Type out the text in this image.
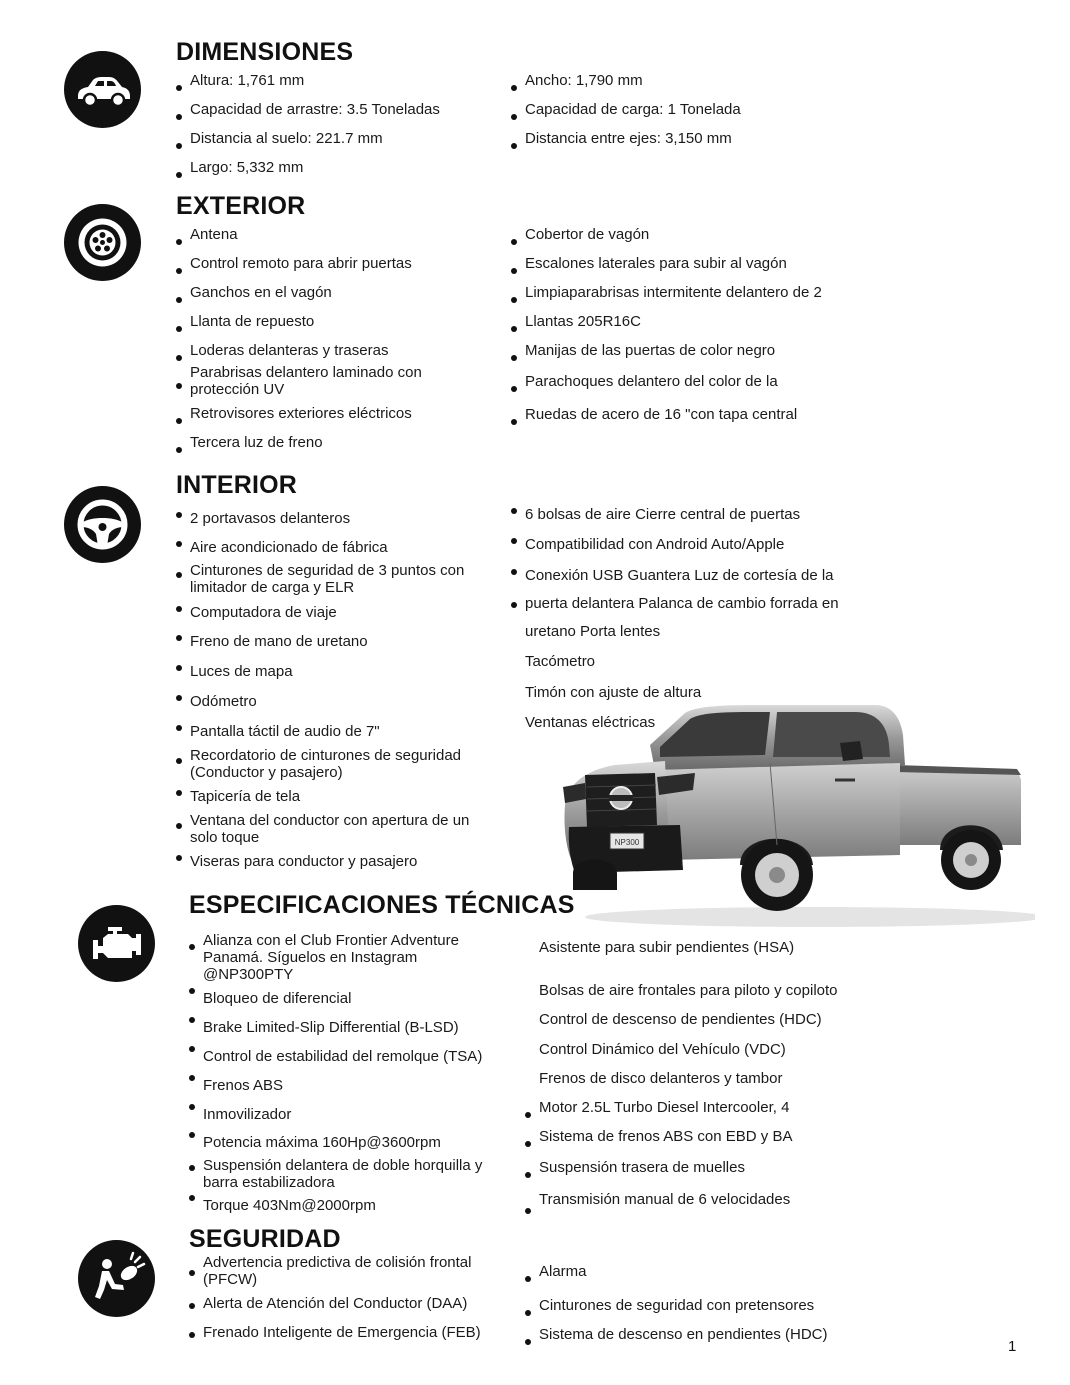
NP300
DIMENSIONES
EXTERIOR
INTERIOR
ESPECIFICACIONES TÉCNICAS
SEGURIDAD
Altura: 1,761 mm
Capacidad de arrastre: 3.5 Toneladas
Distancia al suelo: 221.7 mm
Largo: 5,332 mm
Ancho: 1,790 mm
Capacidad de carga: 1 Tonelada
Distancia entre ejes: 3,150 mm
Antena
Control remoto para abrir puertas
Ganchos en el vagón
Llanta de repuesto
Loderas delanteras y traseras
Parabrisas delantero laminado con
protección UV
Retrovisores exteriores eléctricos
Tercera luz de freno
Cobertor de vagón
Escalones laterales para subir al vagón
Limpiaparabrisas intermitente delantero de 2
Llantas 205R16C
Manijas de las puertas de color negro
Parachoques delantero del color de la
Ruedas de acero de 16 "con tapa central
2 portavasos delanteros
Aire acondicionado de fábrica
Cinturones de seguridad de 3 puntos con
limitador de carga y ELR
Computadora de viaje
Freno de mano de uretano
Luces de mapa
Odómetro
Pantalla táctil de audio de 7"
Recordatorio de cinturones de seguridad
(Conductor y pasajero)
Tapicería de tela
Ventana del conductor con apertura de un
solo toque
Viseras para conductor y pasajero
6 bolsas de aire Cierre central de puertas
Compatibilidad con Android Auto/Apple
Conexión USB Guantera Luz de cortesía de la
puerta delantera Palanca de cambio forrada en
uretano Porta lentes
Tacómetro
Timón con ajuste de altura
Ventanas eléctricas
Alianza con el Club Frontier Adventure
Panamá. Síguelos en Instagram
@NP300PTY
Bloqueo de diferencial
Brake Limited-Slip Differential (B-LSD)
Control de estabilidad del remolque (TSA)
Frenos ABS
Inmovilizador
Potencia máxima 160Hp@3600rpm
Suspensión delantera de doble horquilla y
barra estabilizadora
Torque 403Nm@2000rpm
Asistente para subir pendientes (HSA)
Bolsas de aire frontales para piloto y copiloto
Control de descenso de pendientes (HDC)
Control Dinámico del Vehículo (VDC)
Frenos de disco delanteros y tambor
Motor 2.5L Turbo Diesel Intercooler, 4
Sistema de frenos ABS con EBD y BA
Suspensión trasera de muelles
Transmisión manual de 6 velocidades
Advertencia predictiva de colisión frontal
(PFCW)
Alerta de Atención del Conductor (DAA)
Frenado Inteligente de Emergencia (FEB)
Alarma
Cinturones de seguridad con pretensores
Sistema de descenso en pendientes (HDC)
1
